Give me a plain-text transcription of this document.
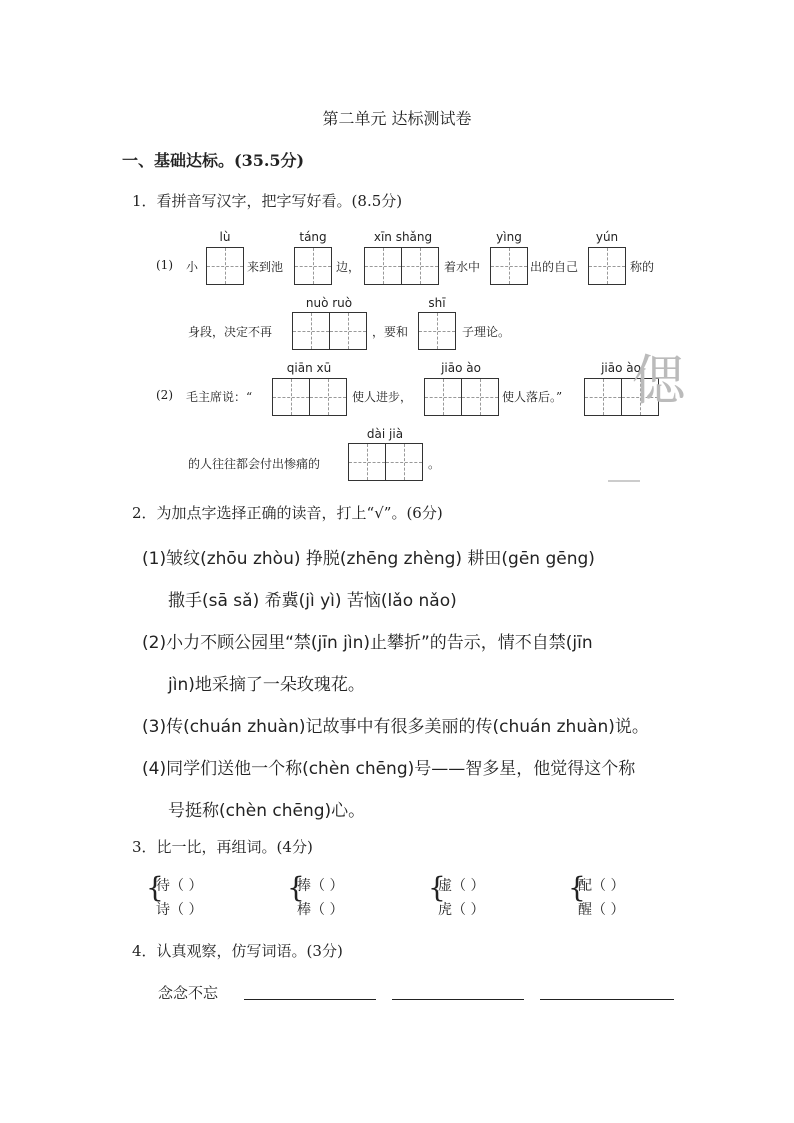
第二单元 达标测试卷
一、基础达标。(35.5分)
1．看拼音写汉字，把字写好看。(8.5分)
(1) 小
lù
来到池
táng
边，
xīn shǎng
着水中
yìng
出的自己
yún
称的
身段，决定不再
nuò ruò
，要和
shī
子理论。
(2) 毛主席说：“
qiān xū
使人进步，
jiāo ào
使人落后。”
jiāo ào
的人往往都会付出惨痛的
dài jià
。
偲
2．为加点字选择正确的读音，打上“√”。(6分)
(1)皱纹(zhōu zhòu) 挣脱(zhēng zhèng) 耕田(gēn gēng)
撒手(sā sǎ) 希冀(jì yì) 苦恼(lǎo nǎo)
(2)小力不顾公园里“禁(jīn jìn)止攀折”的告示，情不自禁(jīn
jìn)地采摘了一朵玫瑰花。
(3)传(chuán zhuàn)记故事中有很多美丽的传(chuán zhuàn)说。
(4)同学们送他一个称(chèn chēng)号——智多星，他觉得这个称
号挺称(chèn chēng)心。
3．比一比，再组词。(4分)
{
待（ ）
诗（ ）
{
捧（ ）
棒（ ）
{
虚（ ）
虎（ ）
{
配（ ）
醒（ ）
4．认真观察，仿写词语。(3分)
念念不忘
